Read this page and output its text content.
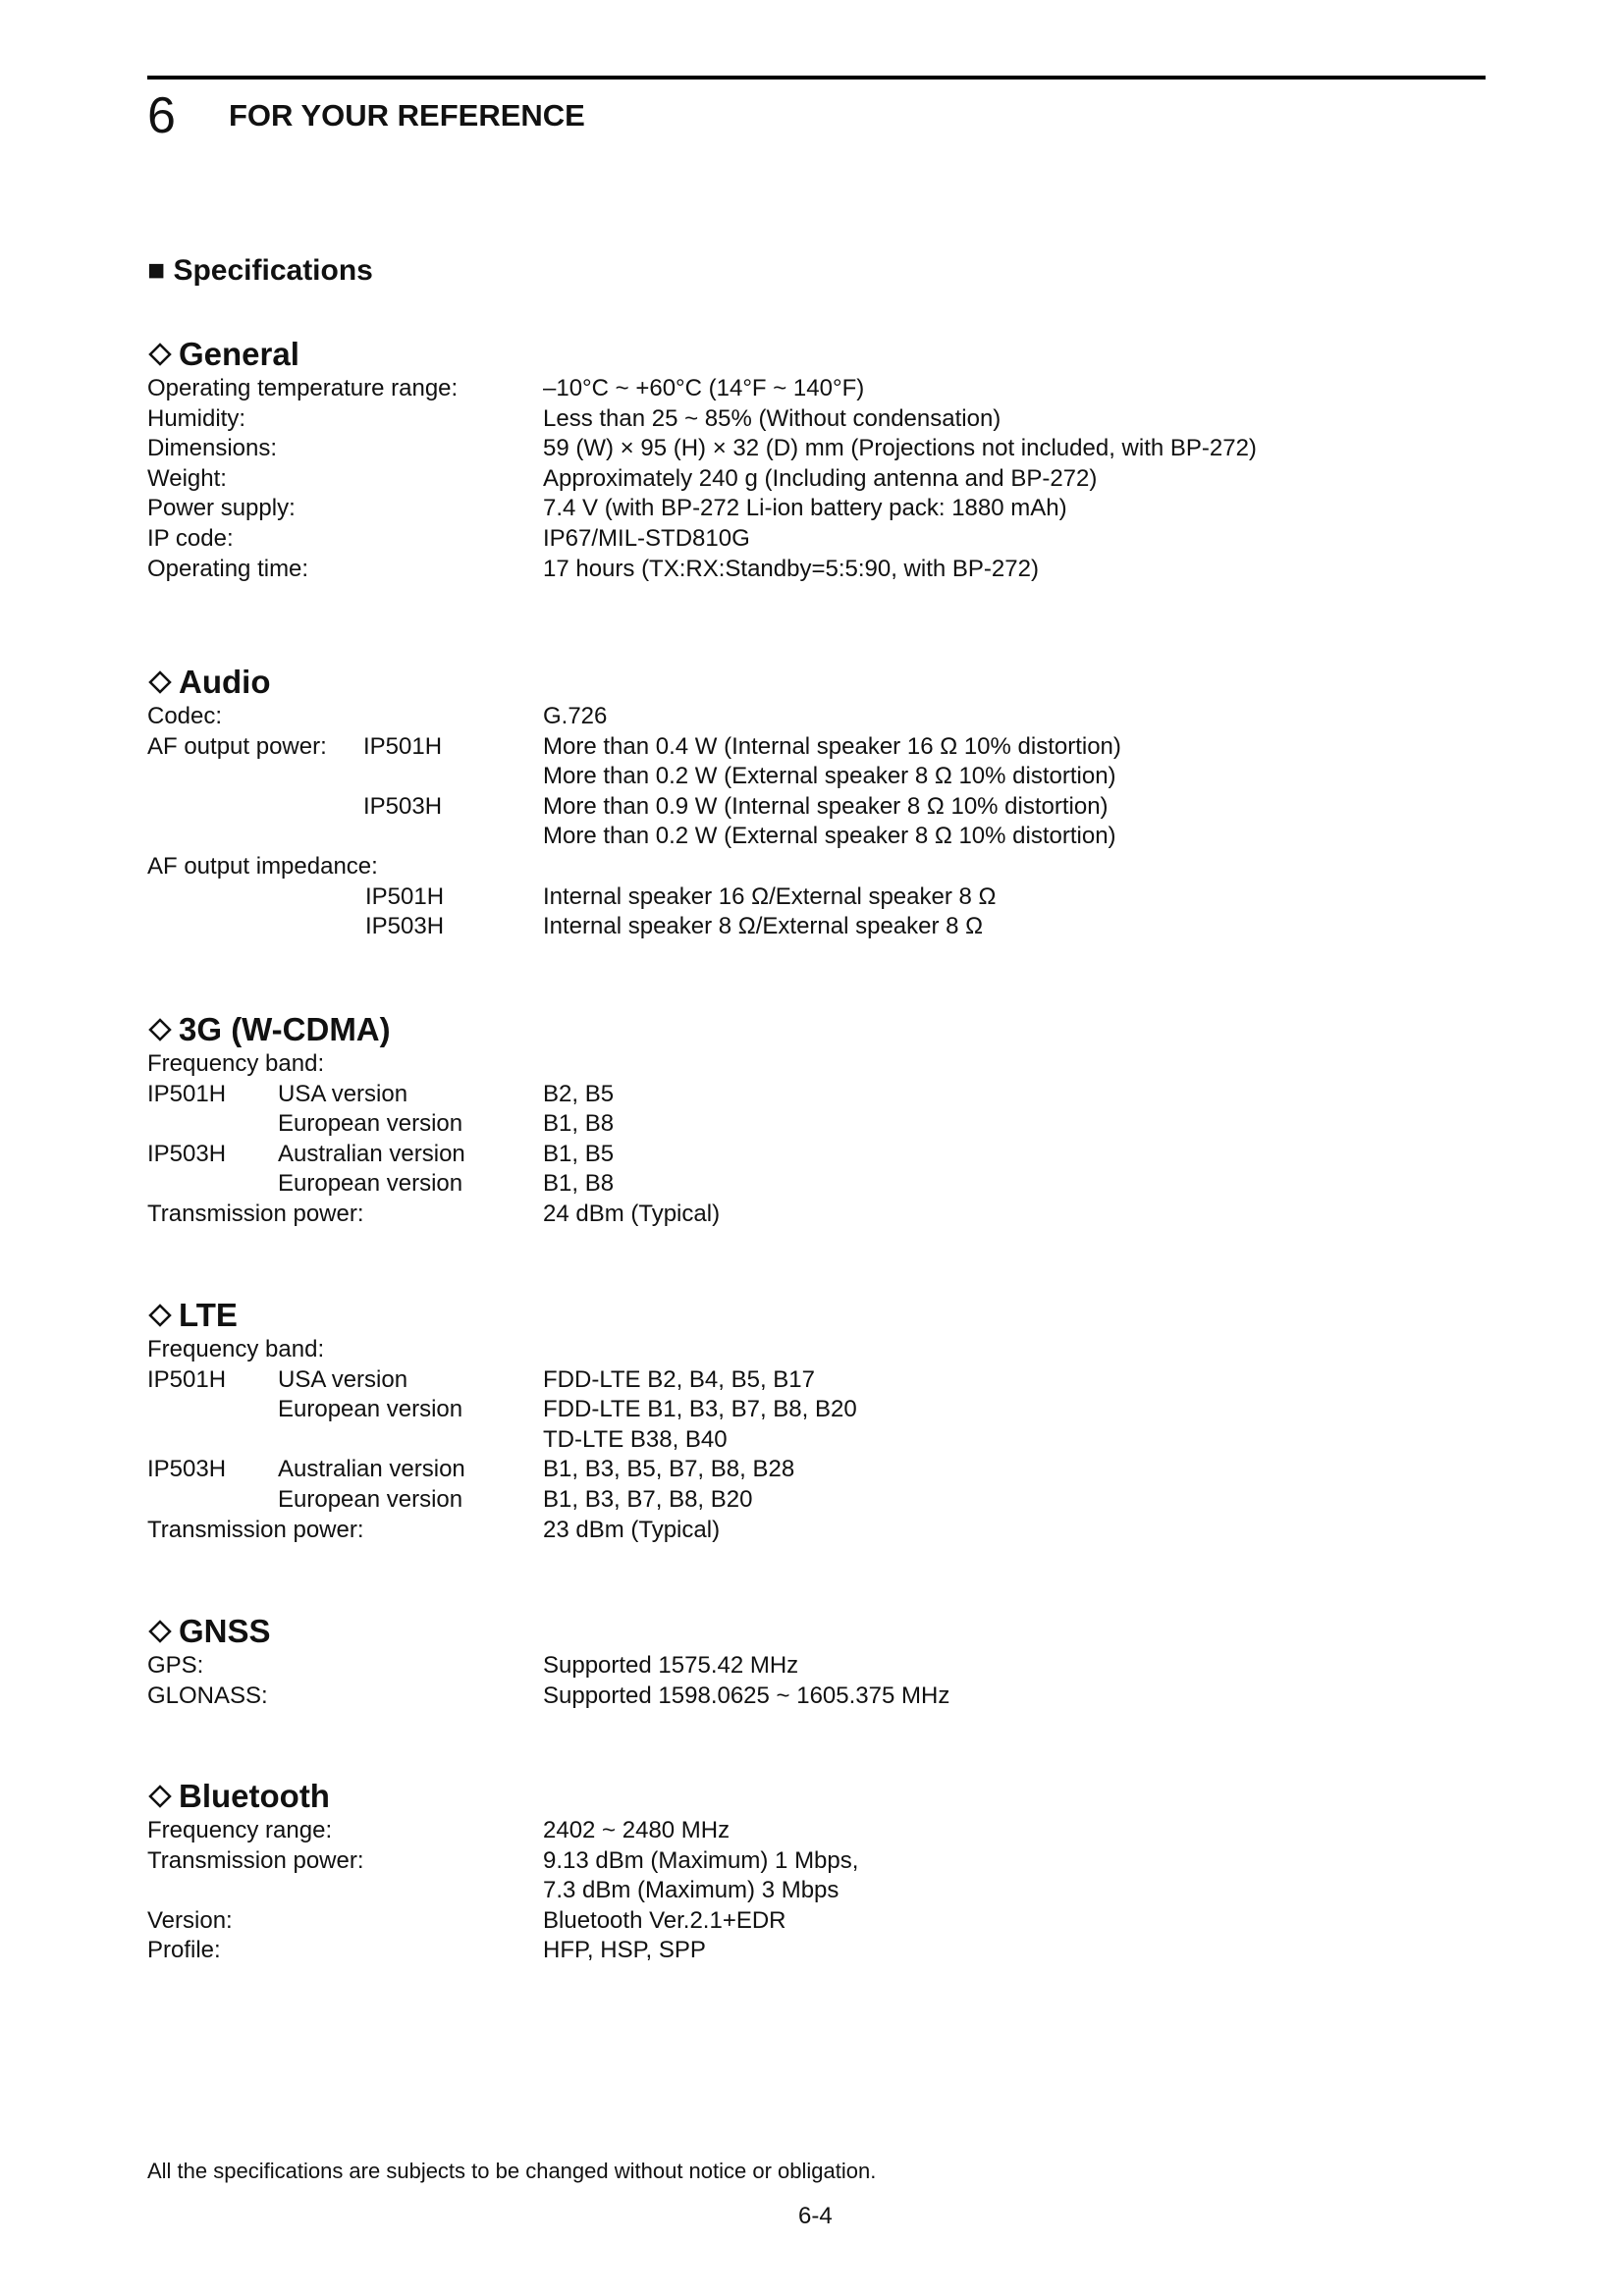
6 FOR YOUR REFERENCE
■ Specifications
General
Operating temperature range:	–10°C ~ +60°C (14°F ~ 140°F)
Humidity:	Less than 25 ~ 85% (Without condensation)
Dimensions:	59 (W) × 95 (H) × 32 (D) mm (Projections not included, with BP-272)
Weight:	Approximately 240 g (Including antenna and BP-272)
Power supply:	7.4 V (with BP-272 Li-ion battery pack: 1880 mAh)
IP code:	IP67/MIL-STD810G
Operating time:	17 hours (TX:RX:Standby=5:5:90, with BP-272)
Audio
Codec:	G.726
AF output power: IP501H	More than 0.4 W (Internal speaker 16 Ω 10% distortion)
More than 0.2 W (External speaker 8 Ω 10% distortion)
IP503H	More than 0.9 W (Internal speaker 8 Ω 10% distortion)
More than 0.2 W (External speaker 8 Ω 10% distortion)
AF output impedance:
IP501H	Internal speaker 16 Ω/External speaker 8 Ω
IP503H	Internal speaker 8 Ω/External speaker 8 Ω
3G (W-CDMA)
Frequency band:
IP501H USA version	B2, B5
European version	B1, B8
IP503H Australian version	B1, B5
European version	B1, B8
Transmission power:	24 dBm (Typical)
LTE
Frequency band:
IP501H USA version	FDD-LTE B2, B4, B5, B17
European version	FDD-LTE B1, B3, B7, B8, B20
TD-LTE B38, B40
IP503H Australian version	B1, B3, B5, B7, B8, B28
European version	B1, B3, B7, B8, B20
Transmission power:	23 dBm (Typical)
GNSS
GPS:	Supported 1575.42 MHz
GLONASS:	Supported 1598.0625 ~ 1605.375 MHz
Bluetooth
Frequency range:	2402 ~ 2480 MHz
Transmission power:	9.13 dBm (Maximum) 1 Mbps,
7.3 dBm (Maximum) 3 Mbps
Version:	Bluetooth Ver.2.1+EDR
Profile:	HFP, HSP, SPP
All the specifications are subjects to be changed without notice or obligation.
6-4
